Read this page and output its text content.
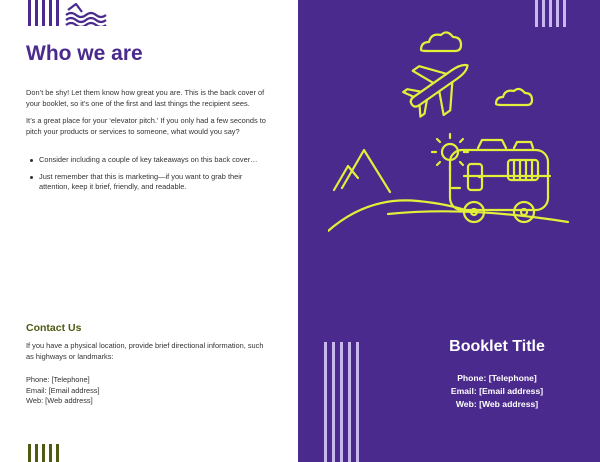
Who we are

Don’t be shy! Let them know how great you are. This is the back cover of your booklet, so it’s one of the first and last things the recipient sees.

It’s a great place for your ‘elevator pitch.’ If you only had a few seconds to pitch your products or services to someone, what would you say?

Consider including a couple of key takeaways on this back cover…
Just remember that this is marketing—if you want to grab their attention, keep it brief, friendly, and readable.
Contact Us

If you have a physical location, provide brief directional information, such as highways or landmarks:

Phone: [Telephone]
Email: [Email address]
Web: [Web address]
Booklet Title
Phone: [Telephone]
Email: [Email address]
Web: [Web address]
